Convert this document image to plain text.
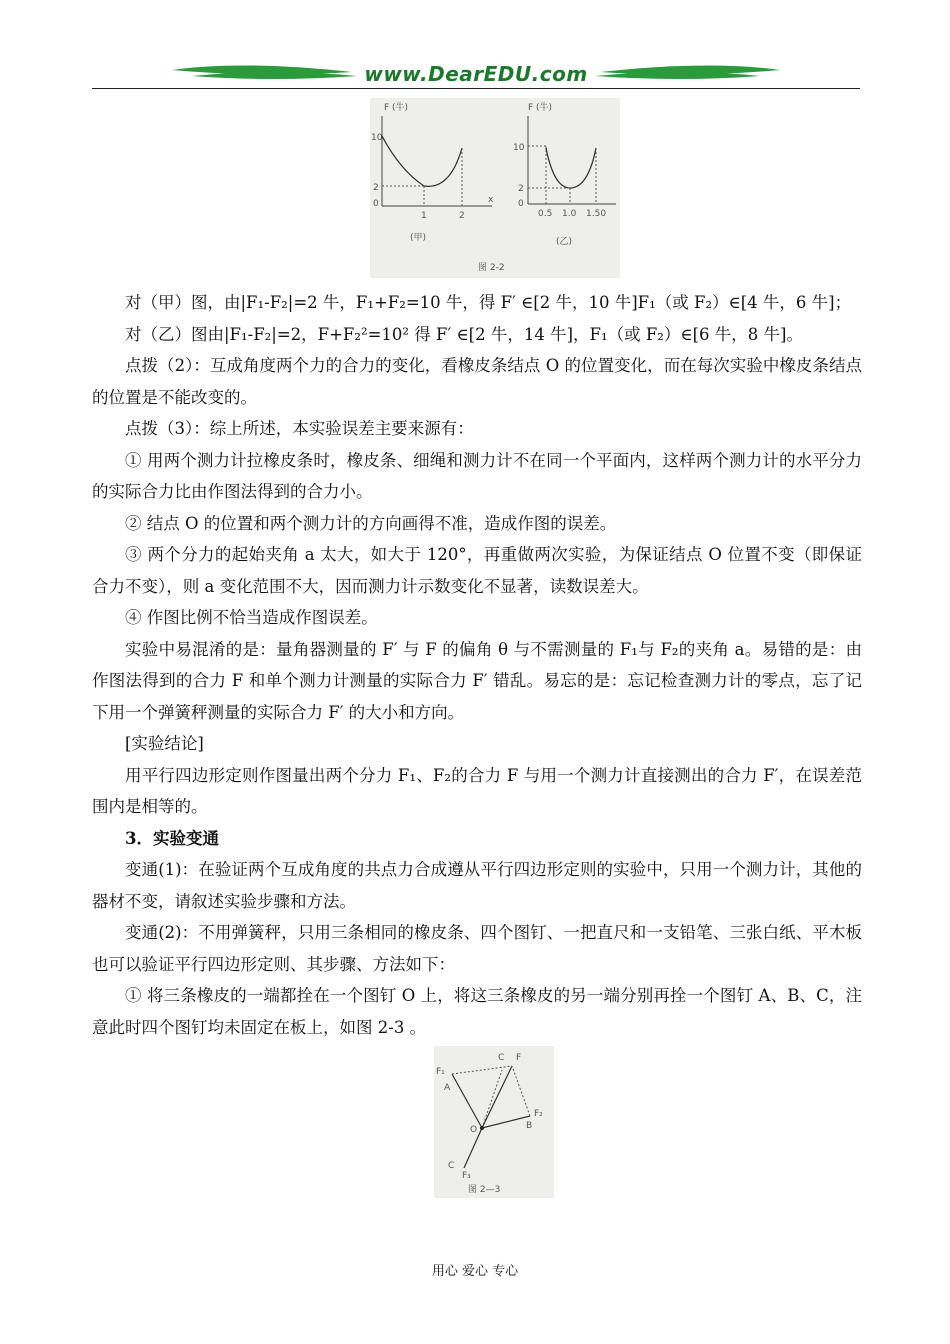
www.DearEDU.com
F (牛)
10
2
0
1	2
x
(甲)
F (牛)
10
2
0
0.5 1.0 1.50
(乙)
图 2-2

对（甲）图，由|F₁-F₂|=2 牛，F₁+F₂=10 牛，得 F′ ∈[2 牛，10 牛]F₁（或 F₂）∈[4 牛，6 牛]；

对（乙）图由|F₁-F₂|=2，F+F₂²=10² 得 F′ ∈[2 牛，14 牛]，F₁（或 F₂）∈[6 牛，8 牛]。

点拨（2）：互成角度两个力的合力的变化，看橡皮条结点 O 的位置变化，而在每次实验中橡皮条结点的位置是不能改变的。

点拨（3）：综上所述，本实验误差主要来源有：

① 用两个测力计拉橡皮条时，橡皮条、细绳和测力计不在同一个平面内，这样两个测力计的水平分力的实际合力比由作图法得到的合力小。

② 结点 O 的位置和两个测力计的方向画得不准，造成作图的误差。

③ 两个分力的起始夹角 a 太大，如大于 120°，再重做两次实验，为保证结点 O 位置不变（即保证合力不变），则 a 变化范围不大，因而测力计示数变化不显著，读数误差大。

④ 作图比例不恰当造成作图误差。

实验中易混淆的是：量角器测量的 F′ 与 F 的偏角 θ 与不需测量的 F₁与 F₂的夹角 a。易错的是：由作图法得到的合力 F 和单个测力计测量的实际合力 F′ 错乱。易忘的是：忘记检查测力计的零点，忘了记下用一个弹簧秤测量的实际合力 F′ 的大小和方向。

[实验结论]

用平行四边形定则作图量出两个分力 F₁、F₂的合力 F 与用一个测力计直接测出的合力 F′，在误差范围内是相等的。

3．实验变通

变通(1)：在验证两个互成角度的共点力合成遵从平行四边形定则的实验中，只用一个测力计，其他的器材不变，请叙述实验步骤和方法。

变通(2)：不用弹簧秤，只用三条相同的橡皮条、四个图钉、一把直尺和一支铅笔、三张白纸、平木板也可以验证平行四边形定则、其步骤、方法如下：

① 将三条橡皮的一端都拴在一个图钉 O 上，将这三条橡皮的另一端分别再拴一个图钉 A、B、C，注意此时四个图钉均未固定在板上，如图 2-3 。

F₁
A
C F
O	B
F₂
C
F₃
图 2—3
用心 爱心 专心
